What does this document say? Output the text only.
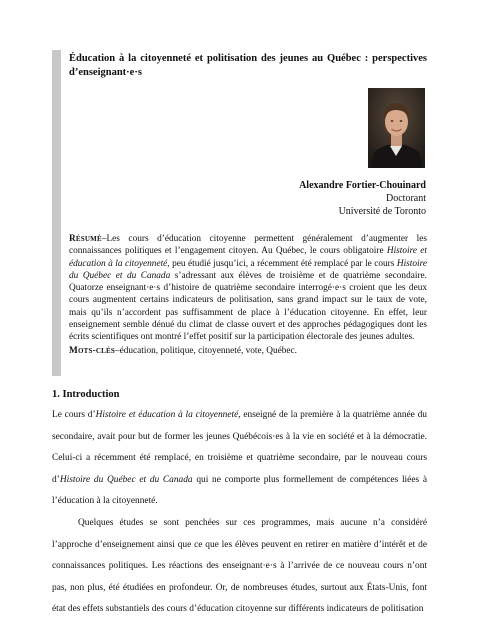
Éducation à la citoyenneté et politisation des jeunes au Québec : perspectives d’enseignant·e·s
Alexandre Fortier-Chouinard
Doctorant
Université de Toronto

Résumé–Les cours d’éducation citoyenne permettent généralement d’augmenter les connaissances politiques et l’engagement citoyen. Au Québec, le cours obligatoire Histoire et éducation à la citoyenneté, peu étudié jusqu’ici, a récemment été remplacé par le cours Histoire du Québec et du Canada s’adressant aux élèves de troisième et de quatrième secondaire. Quatorze enseignant·e·s d’histoire de quatrième secondaire interrogé·e·s croient que les deux cours augmentent certains indicateurs de politisation, sans grand impact sur le taux de vote, mais qu’ils n’accordent pas suffisamment de place à l’éducation citoyenne. En effet, leur enseignement semble dénué du climat de classe ouvert et des approches pédagogiques dont les écrits scientifiques ont montré l’effet positif sur la participation électorale des jeunes adultes.

Mots-clés–éducation, politique, citoyenneté, vote, Québec.
1. Introduction

Le cours d’Histoire et éducation à la citoyenneté, enseigné de la première à la quatrième année du secondaire, avait pour but de former les jeunes Québécois·es à la vie en société et à la démocratie. Celui-ci a récemment été remplacé, en troisième et quatrième secondaire, par le nouveau cours d’Histoire du Québec et du Canada qui ne comporte plus formellement de compétences liées à l’éducation à la citoyenneté.

Quelques études se sont penchées sur ces programmes, mais aucune n’a considéré l’approche d’enseignement ainsi que ce que les élèves peuvent en retirer en matière d’intérêt et de connaissances politiques. Les réactions des enseignant·e·s à l’arrivée de ce nouveau cours n’ont pas, non plus, été étudiées en profondeur. Or, de nombreuses études, surtout aux États-Unis, font état des effets substantiels des cours d’éducation citoyenne sur différents indicateurs de politisation
